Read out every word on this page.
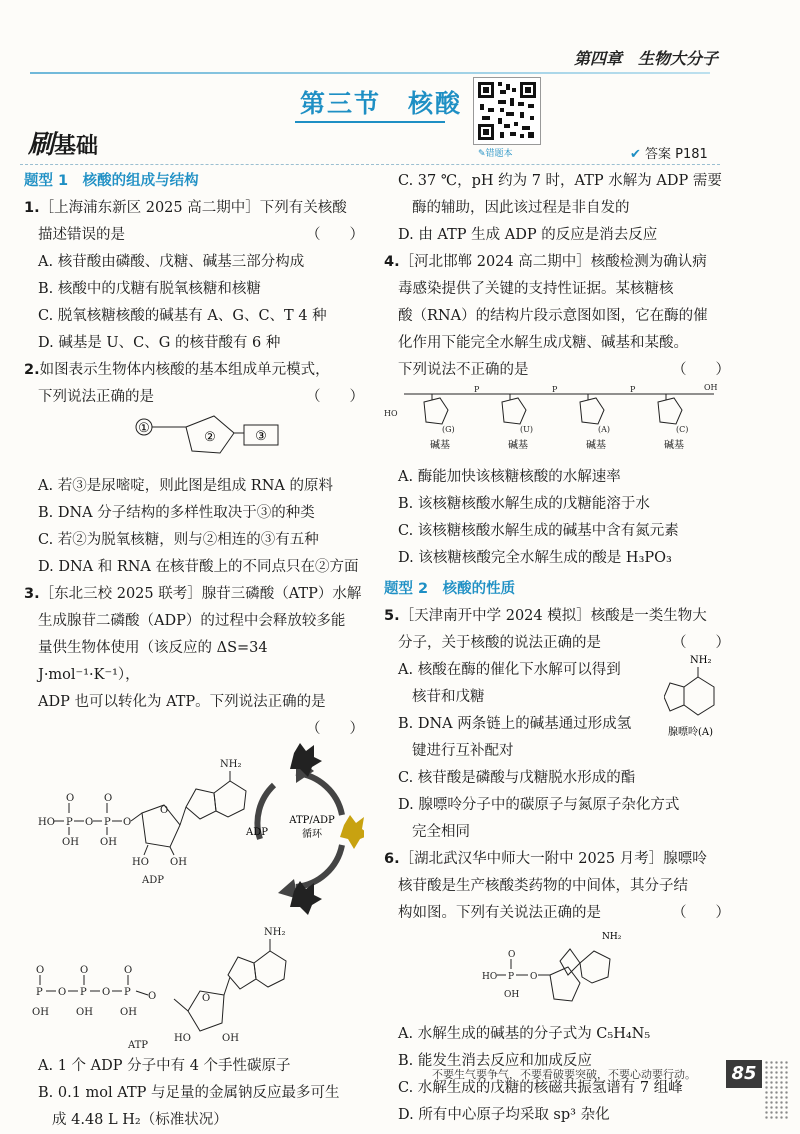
第四章　生物大分子
第三节　核酸
✎错题本
刷基础	✔ 答案 P181
题型 1　核酸的组成与结构
1.［上海浦东新区 2025 高二期中］下列有关核酸
描述错误的是	（　　）
A. 核苷酸由磷酸、戊糖、碱基三部分构成
B. 核酸中的戊糖有脱氧核糖和核糖
C. 脱氧核糖核酸的碱基有 A、G、C、T 4 种
D. 碱基是 U、C、G 的核苷酸有 6 种
2.如图表示生物体内核酸的基本组成单元模式，
下列说法正确的是	（　　）
①
②	③
A. 若③是尿嘧啶，则此图是组成 RNA 的原料
B. DNA 分子结构的多样性取决于③的种类
C. 若②为脱氧核糖，则与②相连的③有五种
D. DNA 和 RNA 在核苷酸上的不同点只在②方面
3.［东北三校 2025 联考］腺苷三磷酸（ATP）水解
生成腺苷二磷酸（ADP）的过程中会释放较多能
量供生物体使用（该反应的 ΔS=34 J·mol⁻¹·K⁻¹），
ADP 也可以转化为 ATP。下列说法正确的是
（　　）
HO P
O
OH
O P
O
OH
O
O
HO OH
ADP
NH₂
ATP/ADP
循环
ADP
NH₂
O
HO	OH
O
P
O
OH
O
P
O
OH
O
P
O
OH
ATP
A. 1 个 ADP 分子中有 4 个手性碳原子
B. 0.1 mol ATP 与足量的金属钠反应最多可生
成 4.48 L H₂（标准状况）
C. 37 ℃，pH 约为 7 时，ATP 水解为 ADP 需要
酶的辅助，因此该过程是非自发的
D. 由 ATP 生成 ADP 的反应是消去反应
4.［河北邯郸 2024 高二期中］核酸检测为确认病
毒感染提供了关键的支持性证据。某核糖核
酸（RNA）的结构片段示意图如图，它在酶的催
化作用下能完全水解生成戊糖、碱基和某酸。
下列说法不正确的是	（　　）
HO
(G)	(U)	(A)	(C)
OH
P	P	P
碱基	碱基	碱基	碱基
A. 酶能加快该核糖核酸的水解速率
B. 该核糖核酸水解生成的戊糖能溶于水
C. 该核糖核酸水解生成的碱基中含有氮元素
D. 该核糖核酸完全水解生成的酸是 H₃PO₃
题型 2　核酸的性质
5.［天津南开中学 2024 模拟］核酸是一类生物大
分子，关于核酸的说法正确的是	（　　）
A. 核酸在酶的催化下水解可以得到
核苷和戊糖
B. DNA 两条链上的碱基通过形成氢
键进行互补配对
C. 核苷酸是磷酸与戊糖脱水形成的酯
D. 腺嘌呤分子中的碳原子与氮原子杂化方式
完全相同
NH₂
腺嘌呤(A)
6.［湖北武汉华中师大一附中 2025 月考］腺嘌呤
核苷酸是生产核酸类药物的中间体，其分子结
构如图。下列有关说法正确的是	（　　）
HO P
O
OH
O
NH₂
A. 水解生成的碱基的分子式为 C₅H₄N₅
B. 能发生消去反应和加成反应
C. 水解生成的戊糖的核磁共振氢谱有 7 组峰
D. 所有中心原子均采取 sp³ 杂化
不要生气要争气，不要看破要突破，不要心动要行动。	85
